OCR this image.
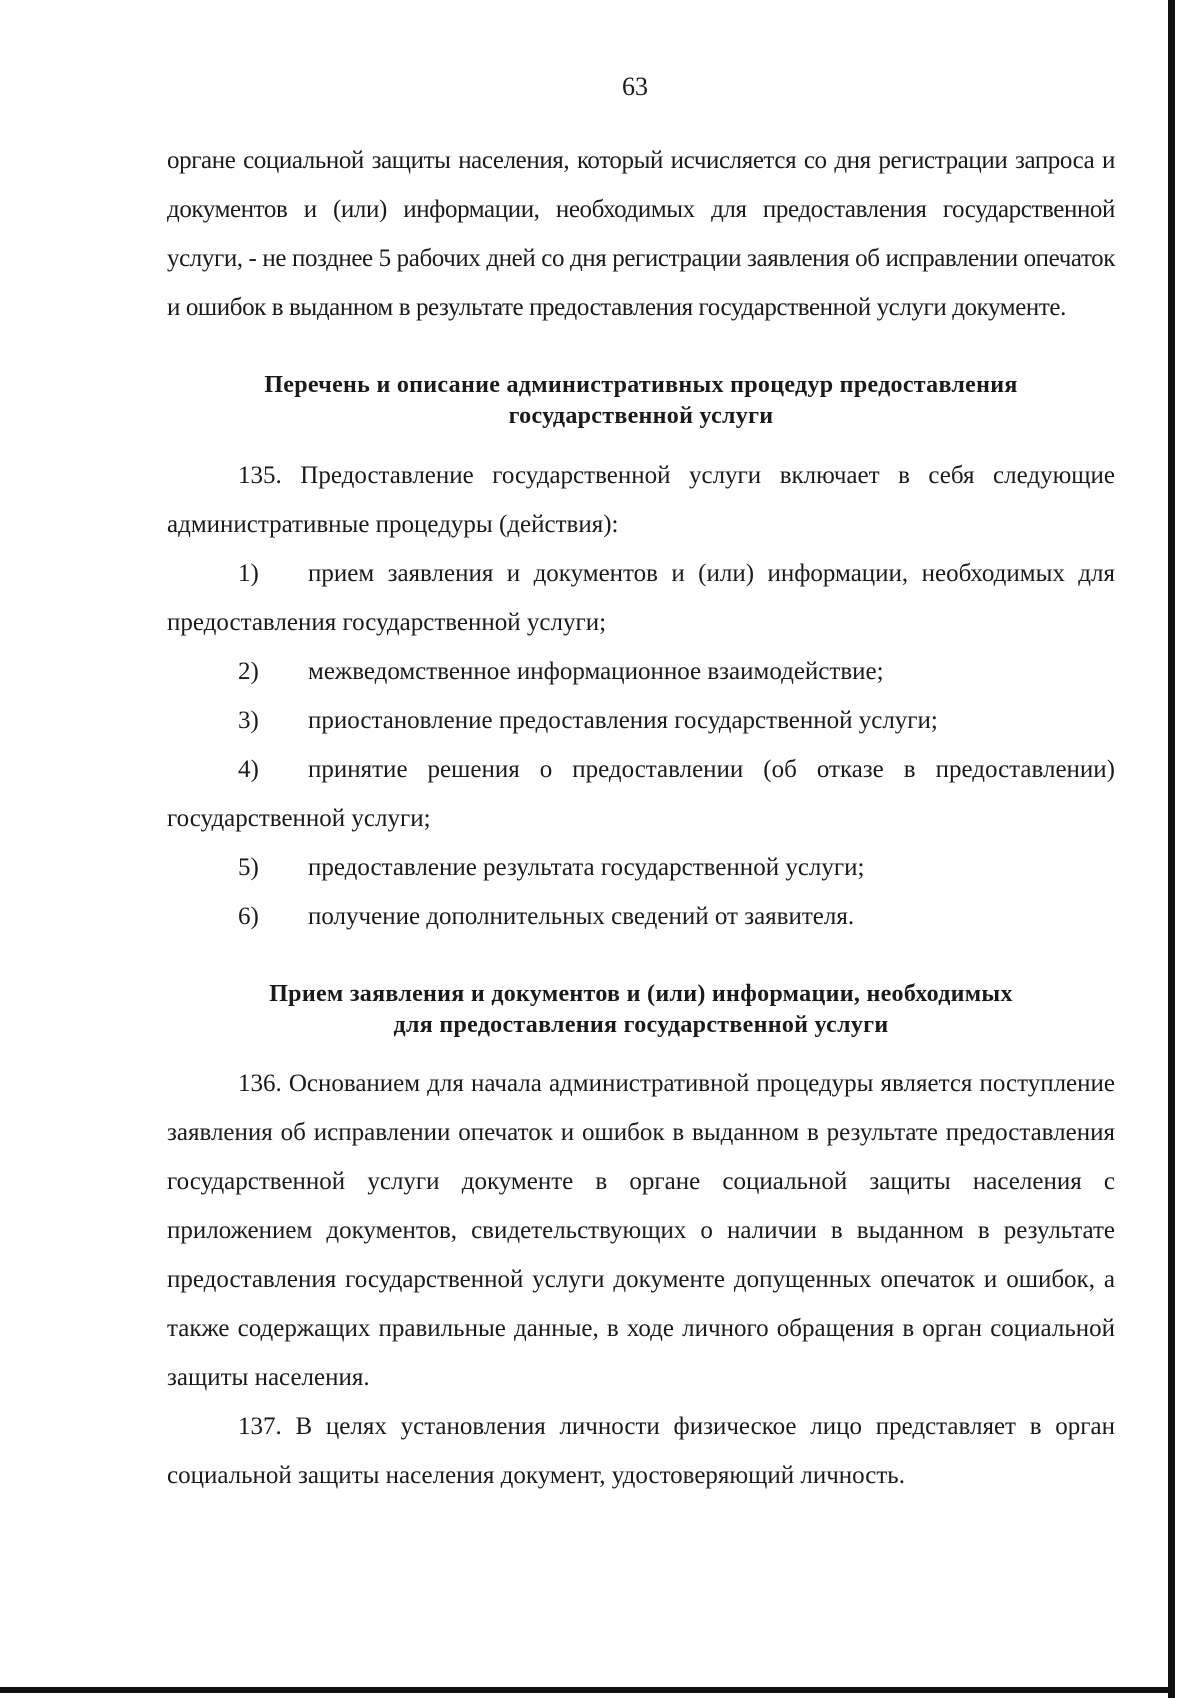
63

органе социальной защиты населения, который исчисляется со дня регистрации запроса и документов и (или) информации, необходимых для предоставления государственной услуги, - не позднее 5 рабочих дней со дня регистрации заявления об исправлении опечаток и ошибок в выданном в результате предоставления государственной услуги документе.

Перечень и описание административных процедур предоставления
государственной услуги

135. Предоставление государственной услуги включает в себя следующие административные процедуры (действия):

1) прием заявления и документов и (или) информации, необходимых для предоставления государственной услуги;

2) межведомственное информационное взаимодействие;

3) приостановление предоставления государственной услуги;

4) принятие решения о предоставлении (об отказе в предоставлении) государственной услуги;

5) предоставление результата государственной услуги;

6) получение дополнительных сведений от заявителя.

Прием заявления и документов и (или) информации, необходимых
для предоставления государственной услуги

136. Основанием для начала административной процедуры является поступление заявления об исправлении опечаток и ошибок в выданном в результате предоставления государственной услуги документе в органе социальной защиты населения с приложением документов, свидетельствующих о наличии в выданном в результате предоставления государственной услуги документе допущенных опечаток и ошибок, а также содержащих правильные данные, в ходе личного обращения в орган социальной защиты населения.

137. В целях установления личности физическое лицо представляет в орган социальной защиты населения документ, удостоверяющий личность.
